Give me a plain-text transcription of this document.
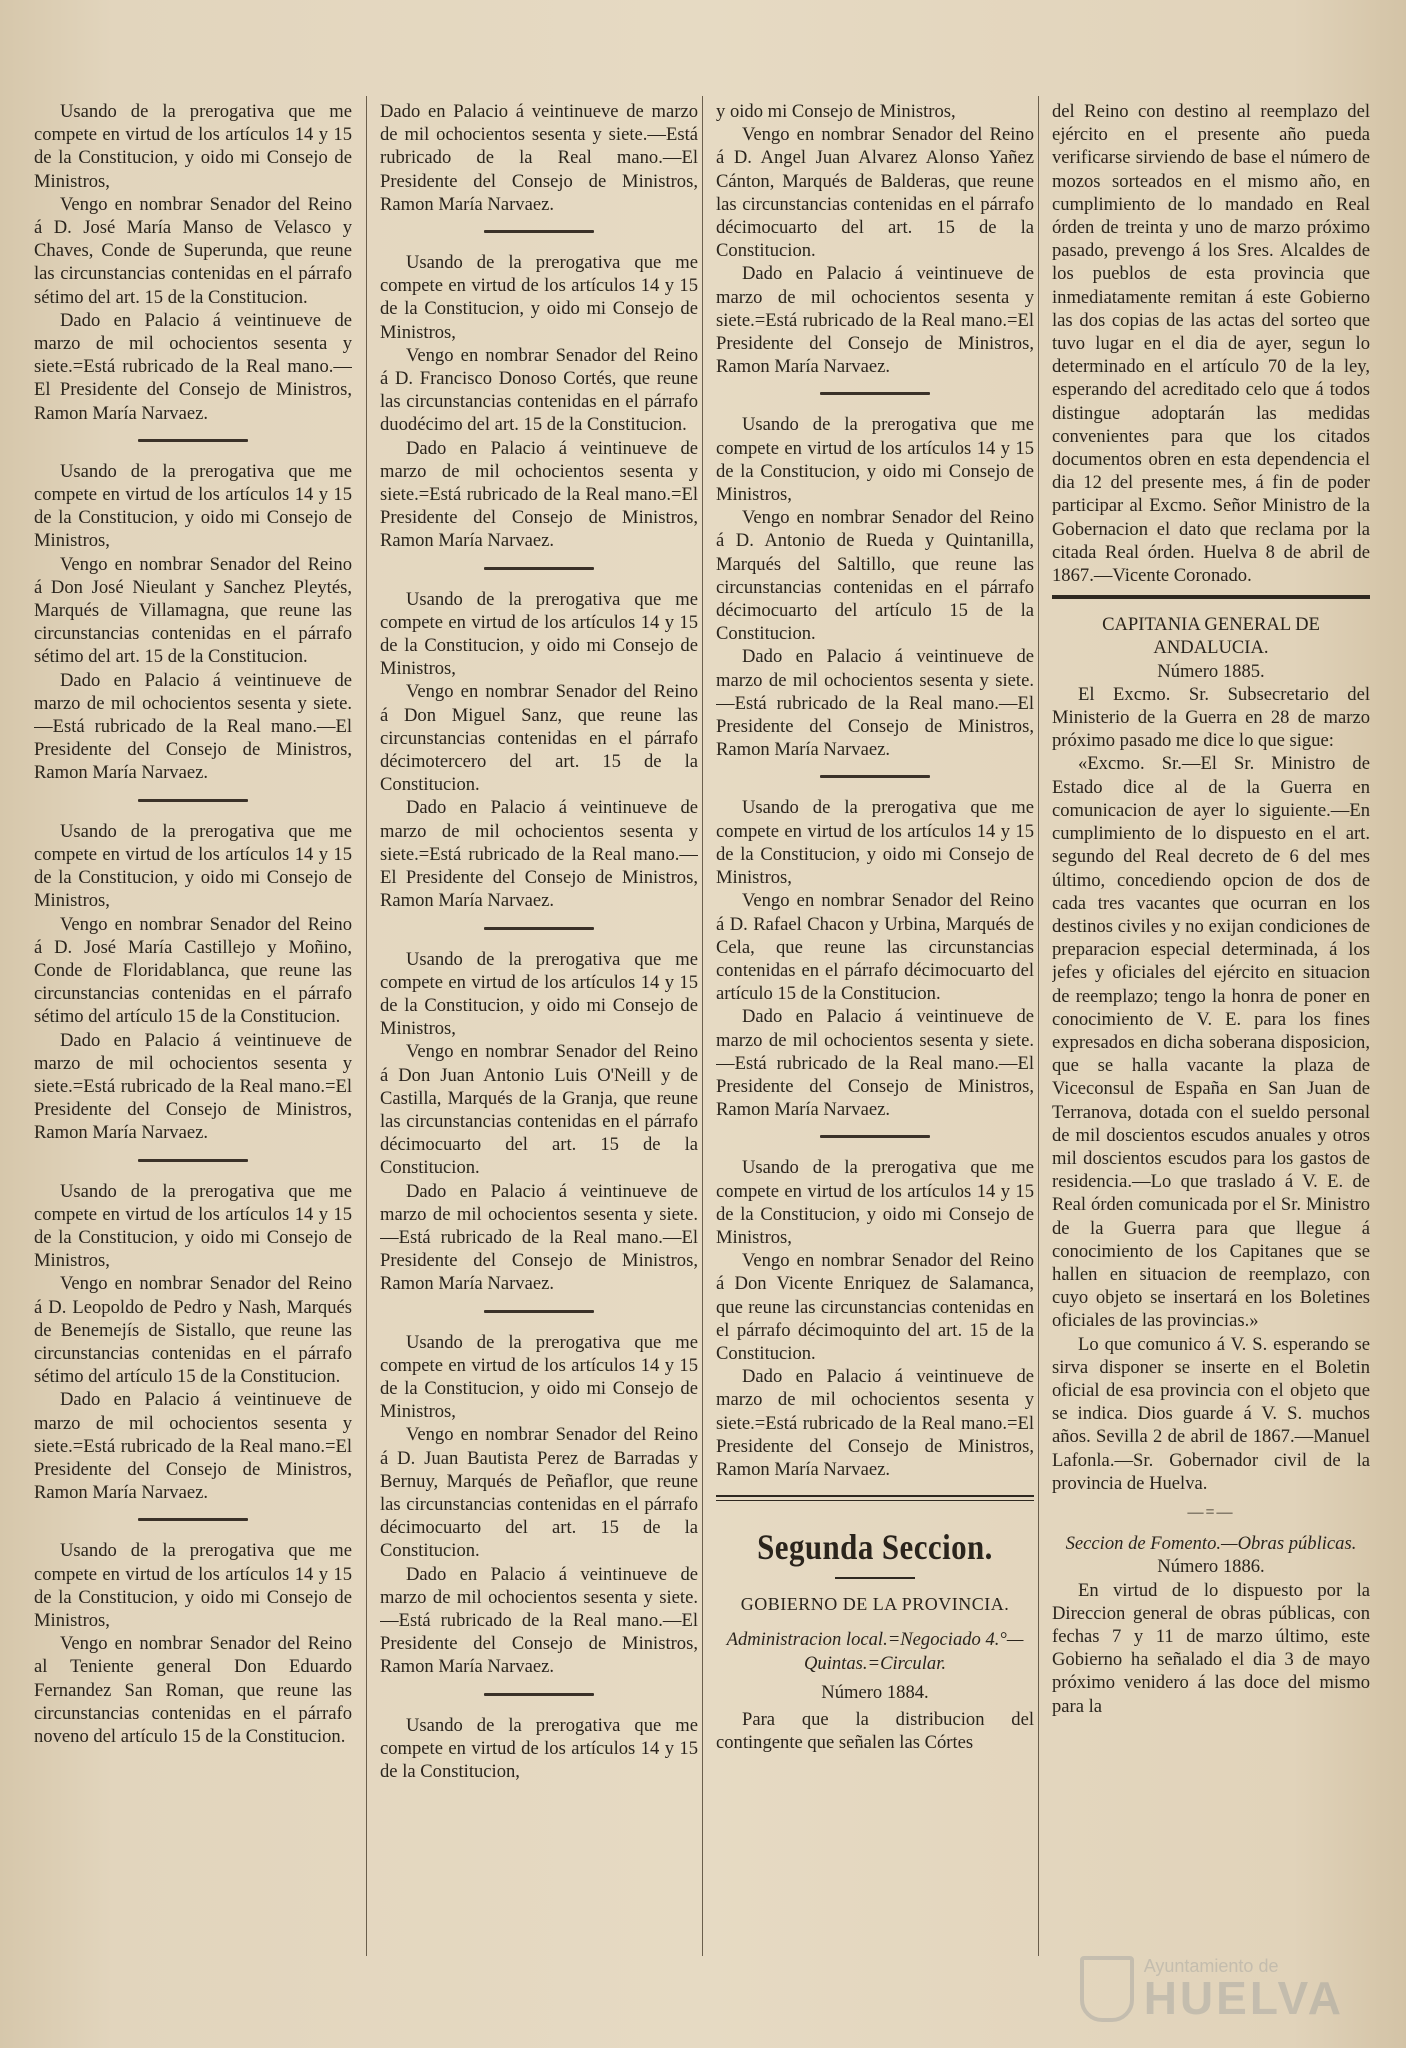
Usando de la prerogativa que me compete en virtud de los artículos 14 y 15 de la Constitucion, y oido mi Consejo de Ministros,

Vengo en nombrar Senador del Reino á D. José María Manso de Velasco y Chaves, Conde de Superunda, que reune las circunstancias contenidas en el párrafo sétimo del art. 15 de la Constitucion.

Dado en Palacio á veintinueve de marzo de mil ochocientos sesenta y siete.=Está rubricado de la Real mano.—El Presidente del Consejo de Ministros, Ramon María Narvaez.

Usando de la prerogativa que me compete en virtud de los artículos 14 y 15 de la Constitucion, y oido mi Consejo de Ministros,

Vengo en nombrar Senador del Reino á Don José Nieulant y Sanchez Pleytés, Marqués de Villamagna, que reune las circunstancias contenidas en el párrafo sétimo del art. 15 de la Constitucion.

Dado en Palacio á veintinueve de marzo de mil ochocientos sesenta y siete.—Está rubricado de la Real mano.—El Presidente del Consejo de Ministros, Ramon María Narvaez.

Usando de la prerogativa que me compete en virtud de los artículos 14 y 15 de la Constitucion, y oido mi Consejo de Ministros,

Vengo en nombrar Senador del Reino á D. José María Castillejo y Moñino, Conde de Floridablanca, que reune las circunstancias contenidas en el párrafo sétimo del artículo 15 de la Constitucion.

Dado en Palacio á veintinueve de marzo de mil ochocientos sesenta y siete.=Está rubricado de la Real mano.=El Presidente del Consejo de Ministros, Ramon María Narvaez.

Usando de la prerogativa que me compete en virtud de los artículos 14 y 15 de la Constitucion, y oido mi Consejo de Ministros,

Vengo en nombrar Senador del Reino á D. Leopoldo de Pedro y Nash, Marqués de Benemejís de Sistallo, que reune las circunstancias contenidas en el párrafo sétimo del artículo 15 de la Constitucion.

Dado en Palacio á veintinueve de marzo de mil ochocientos sesenta y siete.=Está rubricado de la Real mano.=El Presidente del Consejo de Ministros, Ramon María Narvaez.

Usando de la prerogativa que me compete en virtud de los artículos 14 y 15 de la Constitucion, y oido mi Consejo de Ministros,

Vengo en nombrar Senador del Reino al Teniente general Don Eduardo Fernandez San Roman, que reune las circunstancias contenidas en el párrafo noveno del artículo 15 de la Constitucion.

Dado en Palacio á veintinueve de marzo de mil ochocientos sesenta y siete.—Está rubricado de la Real mano.—El Presidente del Consejo de Ministros, Ramon María Narvaez.

Usando de la prerogativa que me compete en virtud de los artículos 14 y 15 de la Constitucion, y oido mi Consejo de Ministros,

Vengo en nombrar Senador del Reino á D. Francisco Donoso Cortés, que reune las circunstancias contenidas en el párrafo duodécimo del art. 15 de la Constitucion.

Dado en Palacio á veintinueve de marzo de mil ochocientos sesenta y siete.=Está rubricado de la Real mano.=El Presidente del Consejo de Ministros, Ramon María Narvaez.

Usando de la prerogativa que me compete en virtud de los artículos 14 y 15 de la Constitucion, y oido mi Consejo de Ministros,

Vengo en nombrar Senador del Reino á Don Miguel Sanz, que reune las circunstancias contenidas en el párrafo décimotercero del art. 15 de la Constitucion.

Dado en Palacio á veintinueve de marzo de mil ochocientos sesenta y siete.=Está rubricado de la Real mano.—El Presidente del Consejo de Ministros, Ramon María Narvaez.

Usando de la prerogativa que me compete en virtud de los artículos 14 y 15 de la Constitucion, y oido mi Consejo de Ministros,

Vengo en nombrar Senador del Reino á Don Juan Antonio Luis O'Neill y de Castilla, Marqués de la Granja, que reune las circunstancias contenidas en el párrafo décimocuarto del art. 15 de la Constitucion.

Dado en Palacio á veintinueve de marzo de mil ochocientos sesenta y siete.—Está rubricado de la Real mano.—El Presidente del Consejo de Ministros, Ramon María Narvaez.

Usando de la prerogativa que me compete en virtud de los artículos 14 y 15 de la Constitucion, y oido mi Consejo de Ministros,

Vengo en nombrar Senador del Reino á D. Juan Bautista Perez de Barradas y Bernuy, Marqués de Peñaflor, que reune las circunstancias contenidas en el párrafo décimocuarto del art. 15 de la Constitucion.

Dado en Palacio á veintinueve de marzo de mil ochocientos sesenta y siete.—Está rubricado de la Real mano.—El Presidente del Consejo de Ministros, Ramon María Narvaez.

Usando de la prerogativa que me compete en virtud de los artículos 14 y 15 de la Constitucion,

y oido mi Consejo de Ministros,

Vengo en nombrar Senador del Reino á D. Angel Juan Alvarez Alonso Yañez Cánton, Marqués de Balderas, que reune las circunstancias contenidas en el párrafo décimocuarto del art. 15 de la Constitucion.

Dado en Palacio á veintinueve de marzo de mil ochocientos sesenta y siete.=Está rubricado de la Real mano.=El Presidente del Consejo de Ministros, Ramon María Narvaez.

Usando de la prerogativa que me compete en virtud de los artículos 14 y 15 de la Constitucion, y oido mi Consejo de Ministros,

Vengo en nombrar Senador del Reino á D. Antonio de Rueda y Quintanilla, Marqués del Saltillo, que reune las circunstancias contenidas en el párrafo décimocuarto del artículo 15 de la Constitucion.

Dado en Palacio á veintinueve de marzo de mil ochocientos sesenta y siete.—Está rubricado de la Real mano.—El Presidente del Consejo de Ministros, Ramon María Narvaez.

Usando de la prerogativa que me compete en virtud de los artículos 14 y 15 de la Constitucion, y oido mi Consejo de Ministros,

Vengo en nombrar Senador del Reino á D. Rafael Chacon y Urbina, Marqués de Cela, que reune las circunstancias contenidas en el párrafo décimocuarto del artículo 15 de la Constitucion.

Dado en Palacio á veintinueve de marzo de mil ochocientos sesenta y siete.—Está rubricado de la Real mano.—El Presidente del Consejo de Ministros, Ramon María Narvaez.

Usando de la prerogativa que me compete en virtud de los artículos 14 y 15 de la Constitucion, y oido mi Consejo de Ministros,

Vengo en nombrar Senador del Reino á Don Vicente Enriquez de Salamanca, que reune las circunstancias contenidas en el párrafo décimoquinto del art. 15 de la Constitucion.

Dado en Palacio á veintinueve de marzo de mil ochocientos sesenta y siete.=Está rubricado de la Real mano.=El Presidente del Consejo de Ministros, Ramon María Narvaez.

Segunda Seccion.
GOBIERNO DE LA PROVINCIA.

Administracion local.=Negociado 4.°—Quintas.=Circular.

Número 1884.

Para que la distribucion del contingente que señalen las Córtes

del Reino con destino al reemplazo del ejército en el presente año pueda verificarse sirviendo de base el número de mozos sorteados en el mismo año, en cumplimiento de lo mandado en Real órden de treinta y uno de marzo próximo pasado, prevengo á los Sres. Alcaldes de los pueblos de esta provincia que inmediatamente remitan á este Gobierno las dos copias de las actas del sorteo que tuvo lugar en el dia de ayer, segun lo determinado en el artículo 70 de la ley, esperando del acreditado celo que á todos distingue adoptarán las medidas convenientes para que los citados documentos obren en esta dependencia el dia 12 del presente mes, á fin de poder participar al Excmo. Señor Ministro de la Gobernacion el dato que reclama por la citada Real órden. Huelva 8 de abril de 1867.—Vicente Coronado.

CAPITANIA GENERAL DE ANDALUCIA.

Número 1885.

El Excmo. Sr. Subsecretario del Ministerio de la Guerra en 28 de marzo próximo pasado me dice lo que sigue:

«Excmo. Sr.—El Sr. Ministro de Estado dice al de la Guerra en comunicacion de ayer lo siguiente.—En cumplimiento de lo dispuesto en el art. segundo del Real decreto de 6 del mes último, concediendo opcion de dos de cada tres vacantes que ocurran en los destinos civiles y no exijan condiciones de preparacion especial determinada, á los jefes y oficiales del ejército en situacion de reemplazo; tengo la honra de poner en conocimiento de V. E. para los fines expresados en dicha soberana disposicion, que se halla vacante la plaza de Viceconsul de España en San Juan de Terranova, dotada con el sueldo personal de mil doscientos escudos anuales y otros mil doscientos escudos para los gastos de residencia.—Lo que traslado á V. E. de Real órden comunicada por el Sr. Ministro de la Guerra para que llegue á conocimiento de los Capitanes que se hallen en situacion de reemplazo, con cuyo objeto se insertará en los Boletines oficiales de las provincias.»

Lo que comunico á V. S. esperando se sirva disponer se inserte en el Boletin oficial de esa provincia con el objeto que se indica. Dios guarde á V. S. muchos años. Sevilla 2 de abril de 1867.—Manuel Lafonla.—Sr. Gobernador civil de la provincia de Huelva.

—=—

Seccion de Fomento.—Obras públicas.

Número 1886.

En virtud de lo dispuesto por la Direccion general de obras públicas, con fechas 7 y 11 de marzo último, este Gobierno ha señalado el dia 3 de mayo próximo venidero á las doce del mismo para la

Ayuntamiento de
HUELVA
